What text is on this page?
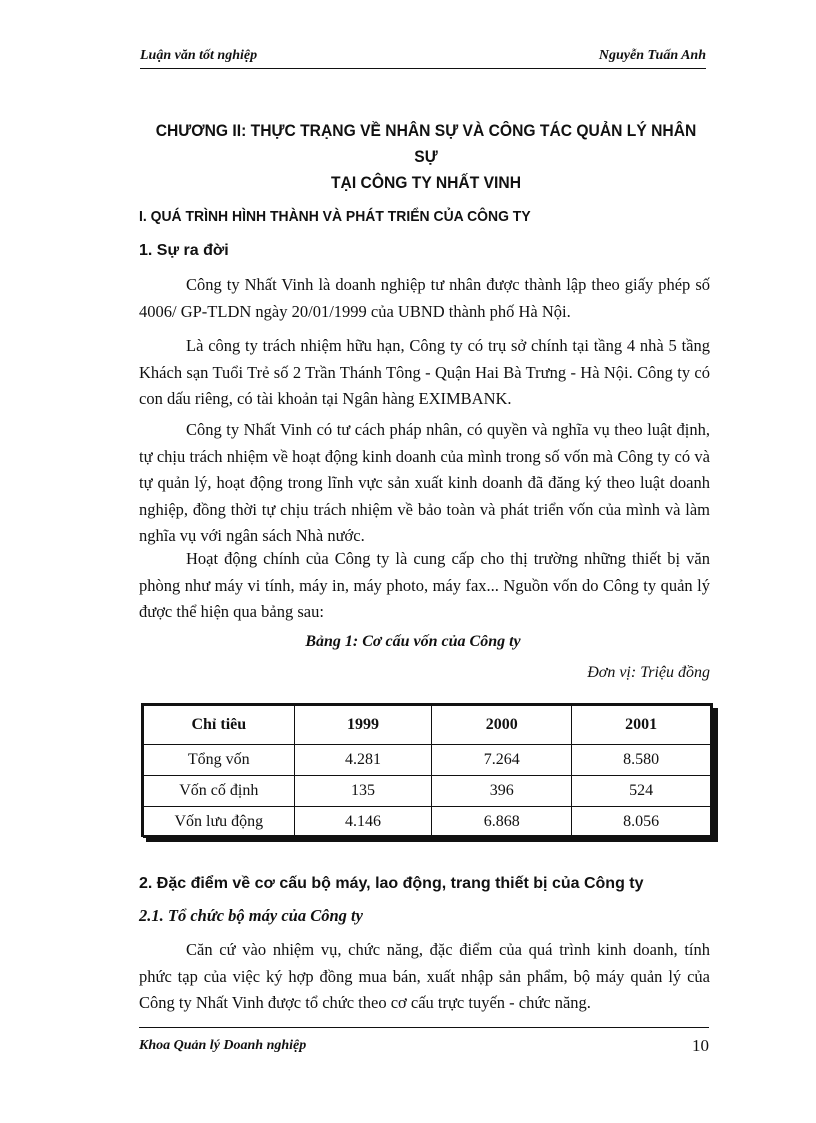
Luận văn tốt nghiệp	Nguyễn Tuấn Anh
CHƯƠNG II: THỰC TRẠNG VỀ NHÂN SỰ VÀ CÔNG TÁC QUẢN LÝ NHÂN SỰ
TẠI CÔNG TY NHẤT VINH
I. QUÁ TRÌNH HÌNH THÀNH VÀ PHÁT TRIỂN CỦA CÔNG TY
1. Sự ra đời

Công ty Nhất Vinh là doanh nghiệp tư nhân được thành lập theo giấy phép số 4006/ GP-TLDN ngày 20/01/1999 của UBND thành phố Hà Nội.

Là công ty trách nhiệm hữu hạn, Công ty có trụ sở chính tại tầng 4 nhà 5 tầng Khách sạn Tuổi Trẻ số 2 Trần Thánh Tông - Quận Hai Bà Trưng - Hà Nội. Công ty có con dấu riêng, có tài khoản tại Ngân hàng EXIMBANK.

Công ty Nhất Vinh có tư cách pháp nhân, có quyền và nghĩa vụ theo luật định, tự chịu trách nhiệm về hoạt động kinh doanh của mình trong số vốn mà Công ty có và tự quản lý, hoạt động trong lĩnh vực sản xuất kinh doanh đã đăng ký theo luật doanh nghiệp, đồng thời tự chịu trách nhiệm về bảo toàn và phát triển vốn của mình và làm nghĩa vụ với ngân sách Nhà nước.

Hoạt động chính của Công ty là cung cấp cho thị trường những thiết bị văn phòng như máy vi tính, máy in, máy photo, máy fax... Nguồn vốn do Công ty quản lý được thể hiện qua bảng sau:

Bảng 1: Cơ cấu vốn của Công ty
Đơn vị: Triệu đồng
Chỉ tiêu	1999	2000	2001
Tổng vốn	4.281	7.264	8.580
Vốn cố định	135	396	524
Vốn lưu động	4.146	6.868	8.056
2. Đặc điểm về cơ cấu bộ máy, lao động, trang thiết bị của Công ty
2.1. Tổ chức bộ máy của Công ty

Căn cứ vào nhiệm vụ, chức năng, đặc điểm của quá trình kinh doanh, tính phức tạp của việc ký hợp đồng mua bán, xuất nhập sản phẩm, bộ máy quản lý của Công ty Nhất Vinh được tổ chức theo cơ cấu trực tuyến - chức năng.

Khoa Quản lý Doanh nghiệp	10
